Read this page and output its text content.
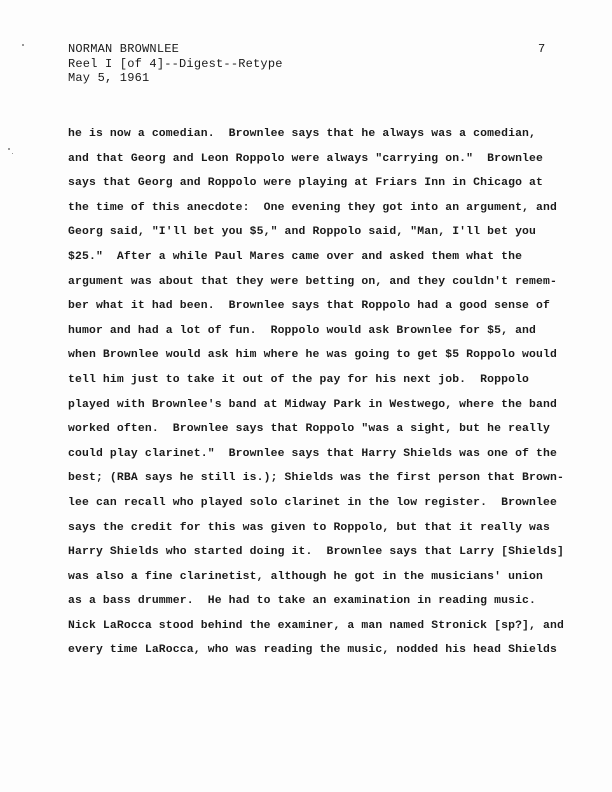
NORMAN BROWNLEE
Reel I [of 4]--Digest--Retype
May 5, 1961
7
he is now a comedian.  Brownlee says that he always was a comedian,
and that Georg and Leon Roppolo were always "carrying on."  Brownlee
says that Georg and Roppolo were playing at Friars Inn in Chicago at
the time of this anecdote:  One evening they got into an argument, and
Georg said, "I'll bet you $5," and Roppolo said, "Man, I'll bet you
$25."  After a while Paul Mares came over and asked them what the
argument was about that they were betting on, and they couldn't remem-
ber what it had been.  Brownlee says that Roppolo had a good sense of
humor and had a lot of fun.  Roppolo would ask Brownlee for $5, and
when Brownlee would ask him where he was going to get $5 Roppolo would
tell him just to take it out of the pay for his next job.  Roppolo
played with Brownlee's band at Midway Park in Westwego, where the band
worked often.  Brownlee says that Roppolo "was a sight, but he really
could play clarinet."  Brownlee says that Harry Shields was one of the
best; (RBA says he still is.); Shields was the first person that Brown-
lee can recall who played solo clarinet in the low register.  Brownlee
says the credit for this was given to Roppolo, but that it really was
Harry Shields who started doing it.  Brownlee says that Larry [Shields]
was also a fine clarinetist, although he got in the musicians' union
as a bass drummer.  He had to take an examination in reading music.
Nick LaRocca stood behind the examiner, a man named Stronick [sp?], and
every time LaRocca, who was reading the music, nodded his head Shields
